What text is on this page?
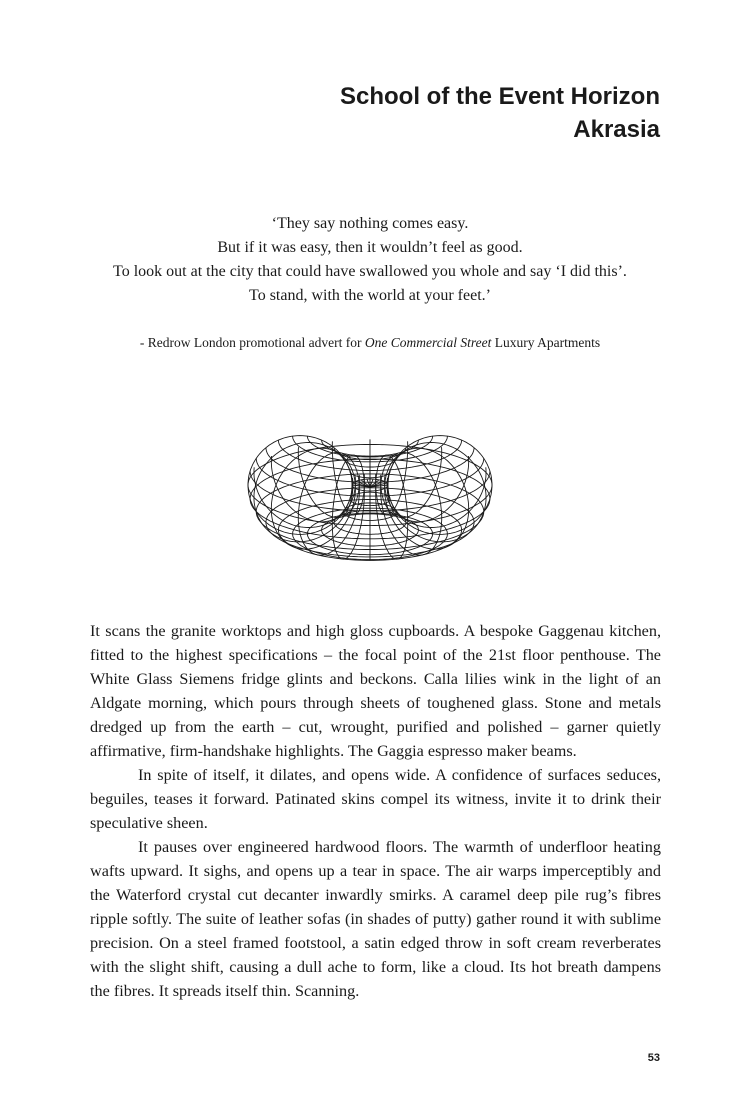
School of the Event Horizon
Akrasia
‘They say nothing comes easy.
But if it was easy, then it wouldn’t feel as good.
To look out at the city that could have swallowed you whole and say ‘I did this’.
To stand, with the world at your feet.’
- Redrow London promotional advert for One Commercial Street Luxury Apartments

It scans the granite worktops and high gloss cupboards. A bespoke Gaggenau kitchen, fitted to the highest specifications – the focal point of the 21st floor penthouse. The White Glass Siemens fridge glints and beckons. Calla lilies wink in the light of an Aldgate morning, which pours through sheets of toughened glass. Stone and metals dredged up from the earth – cut, wrought, purified and polished – garner quietly affirmative, firm-handshake highlights. The Gaggia espresso maker beams.

In spite of itself, it dilates, and opens wide. A confidence of surfaces seduces, beguiles, teases it forward. Patinated skins compel its witness, invite it to drink their speculative sheen.

It pauses over engineered hardwood floors. The warmth of underfloor heating wafts upward. It sighs, and opens up a tear in space. The air warps imperceptibly and the Waterford crystal cut decanter inwardly smirks. A caramel deep pile rug’s fibres ripple softly. The suite of leather sofas (in shades of putty) gather round it with sublime precision. On a steel framed footstool, a satin edged throw in soft cream reverberates with the slight shift, causing a dull ache to form, like a cloud. Its hot breath dampens the fibres. It spreads itself thin. Scanning.

53
